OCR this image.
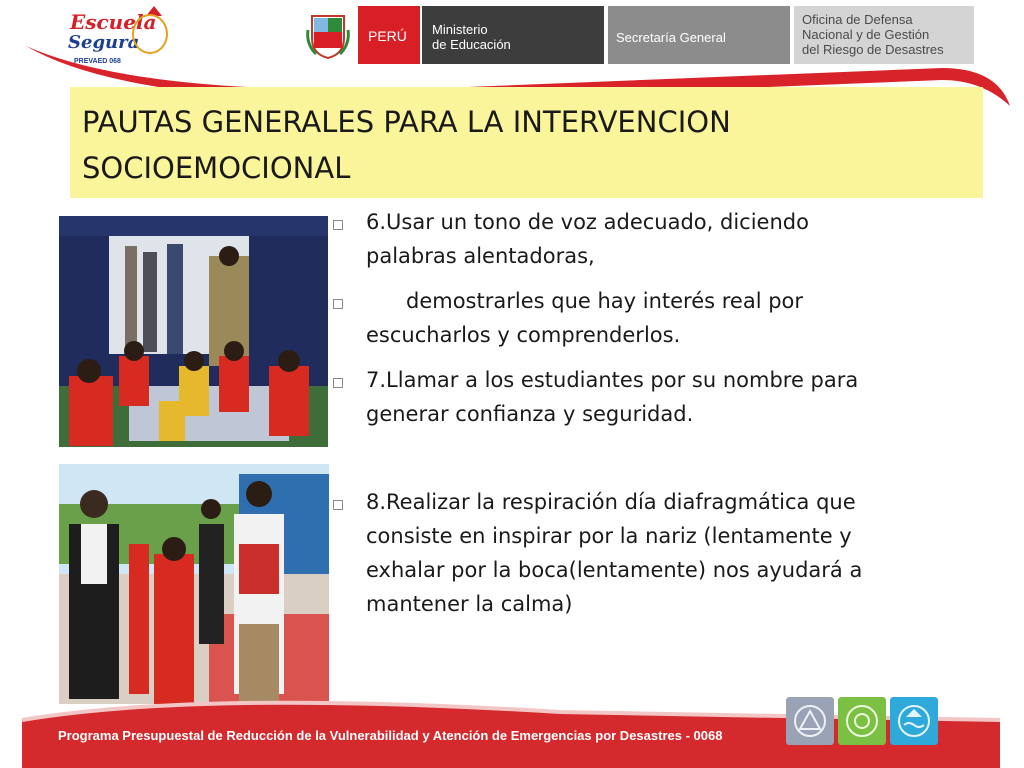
Escuela
Segura
PREVAED 068
PERÚ	Ministerio
de Educación	Secretaría General
Oficina de Defensa
Nacional y de Gestión
del Riesgo de Desastres
PAUTAS GENERALES PARA LA INTERVENCION
SOCIOEMOCIONAL
6.Usar un tono de voz adecuado, diciendo
palabras alentadoras,
demostrarles que hay interés real por
escucharlos y comprenderlos.
7.Llamar a los estudiantes por su nombre para
generar confianza y seguridad.
8.Realizar la respiración día diafragmática que
consiste en inspirar por la nariz (lentamente y
exhalar por la boca(lentamente) nos ayudará a
mantener la calma)
Programa Presupuestal de Reducción de la Vulnerabilidad y Atención de Emergencias por Desastres - 0068
